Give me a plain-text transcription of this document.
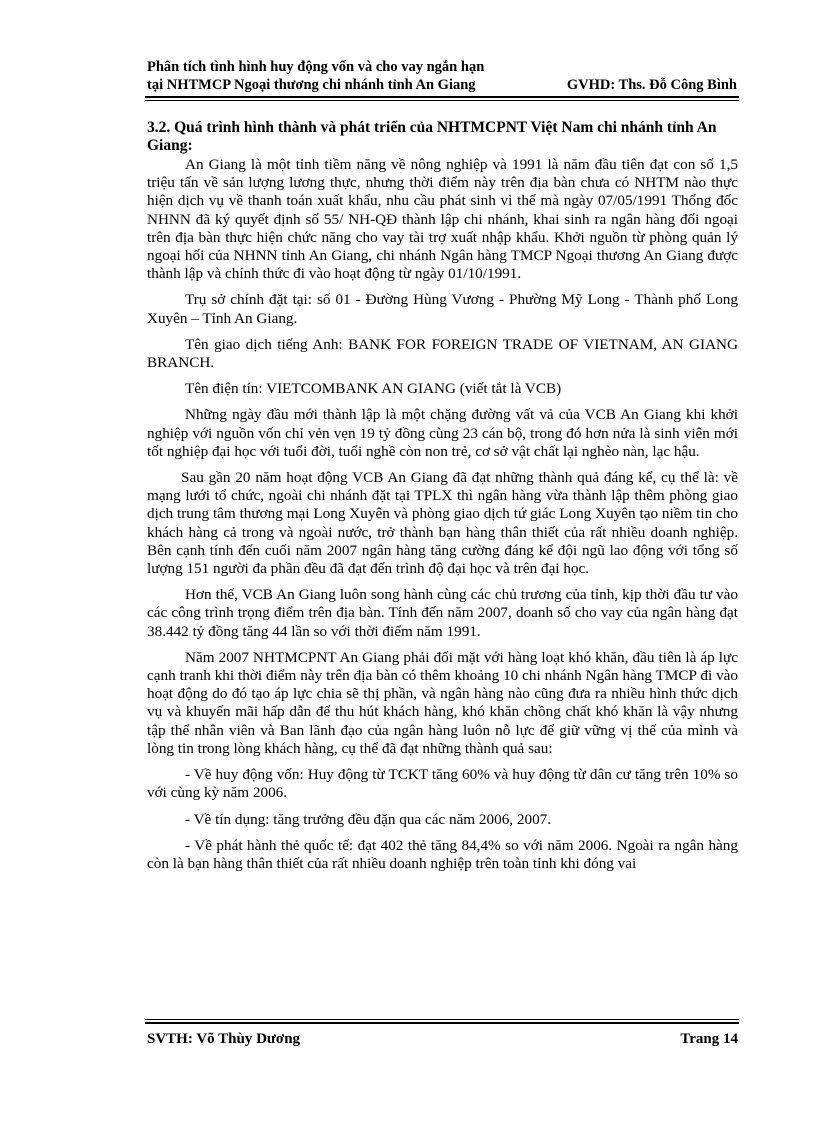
Phân tích tình hình huy động vốn và cho vay ngắn hạn
tại NHTMCP Ngoại thương chi nhánh tỉnh An Giang	GVHD: Ths. Đỗ Công Bình
3.2. Quá trình hình thành và phát triển của NHTMCPNT Việt Nam chi nhánh tỉnh An Giang:

An Giang là một tỉnh tiềm năng về nông nghiệp và 1991 là năm đầu tiên đạt con số 1,5 triệu tấn về sản lượng lương thực, nhưng thời điểm này trên địa bàn chưa có NHTM nào thực hiện dịch vụ về thanh toán xuất khẩu, nhu cầu phát sinh vì thế mà ngày 07/05/1991 Thống đốc NHNN đã ký quyết định số 55/ NH-QĐ thành lập chi nhánh, khai sinh ra ngân hàng đối ngoại trên địa bàn thực hiện chức năng cho vay tài trợ xuất nhập khẩu. Khởi nguồn từ phòng quản lý ngoại hối của NHNN tỉnh An Giang, chi nhánh Ngân hàng TMCP Ngoại thương An Giang được thành lập và chính thức đi vào hoạt động từ ngày 01/10/1991.

Trụ sở chính đặt tại: số 01 - Đường Hùng Vương - Phường Mỹ Long - Thành phố Long Xuyên – Tỉnh An Giang.

Tên giao dịch tiếng Anh: BANK FOR FOREIGN TRADE OF VIETNAM, AN GIANG BRANCH.

Tên điện tín: VIETCOMBANK AN GIANG (viết tắt là VCB)

Những ngày đầu mới thành lập là một chặng đường vất vả của VCB An Giang khi khởi nghiệp với nguồn vốn chỉ vẻn vẹn 19 tỷ đồng cùng 23 cán bộ, trong đó hơn nửa là sinh viên mới tốt nghiệp đại học với tuổi đời, tuổi nghề còn non trẻ, cơ sở vật chất lại nghèo nàn, lạc hậu.

Sau gần 20 năm hoạt động VCB An Giang đã đạt những thành quả đáng kể, cụ thể là: về mạng lưới tổ chức, ngoài chi nhánh đặt tại TPLX thì ngân hàng vừa thành lập thêm phòng giao dịch trung tâm thương mại Long Xuyên và phòng giao dịch tứ giác Long Xuyên tạo niềm tin cho khách hàng cả trong và ngoài nước, trở thành bạn hàng thân thiết của rất nhiều doanh nghiệp. Bên cạnh tính đến cuối năm 2007 ngân hàng tăng cường đáng kể đội ngũ lao động với tổng số lượng 151 người đa phần đều đã đạt đến trình độ đại học và trên đại học.

Hơn thế, VCB An Giang luôn song hành cùng các chủ trương của tỉnh, kịp thời đầu tư vào các công trình trọng điểm trên địa bàn. Tính đến năm 2007, doanh số cho vay của ngân hàng đạt 38.442 tỷ đồng tăng 44 lần so với thời điểm năm 1991.

Năm 2007 NHTMCPNT An Giang phải đối mặt với hàng loạt khó khăn, đầu tiên là áp lực cạnh tranh khi thời điểm này trên địa bàn có thêm khoảng 10 chi nhánh Ngân hàng TMCP đi vào hoạt động do đó tạo áp lực chia sẽ thị phần, và ngân hàng nào cũng đưa ra nhiều hình thức dịch vụ và khuyến mãi hấp dẫn để thu hút khách hàng, khó khăn chồng chất khó khăn là vậy nhưng tập thể nhân viên và Ban lãnh đạo của ngân hàng luôn nỗ lực để giữ vững vị thế của mình và lòng tin trong lòng khách hàng, cụ thể đã đạt những thành quả sau:

- Về huy động vốn: Huy động từ TCKT tăng 60% và huy động từ dân cư tăng trên 10% so với cùng kỳ năm 2006.

- Về tín dụng: tăng trưởng đều đặn qua các năm 2006, 2007.

- Về phát hành thẻ quốc tế: đạt 402 thẻ tăng 84,4% so với năm 2006. Ngoài ra ngân hàng còn là bạn hàng thân thiết của rất nhiều doanh nghiệp trên toàn tỉnh khi đóng vai

SVTH: Võ Thùy Dương	Trang 14
